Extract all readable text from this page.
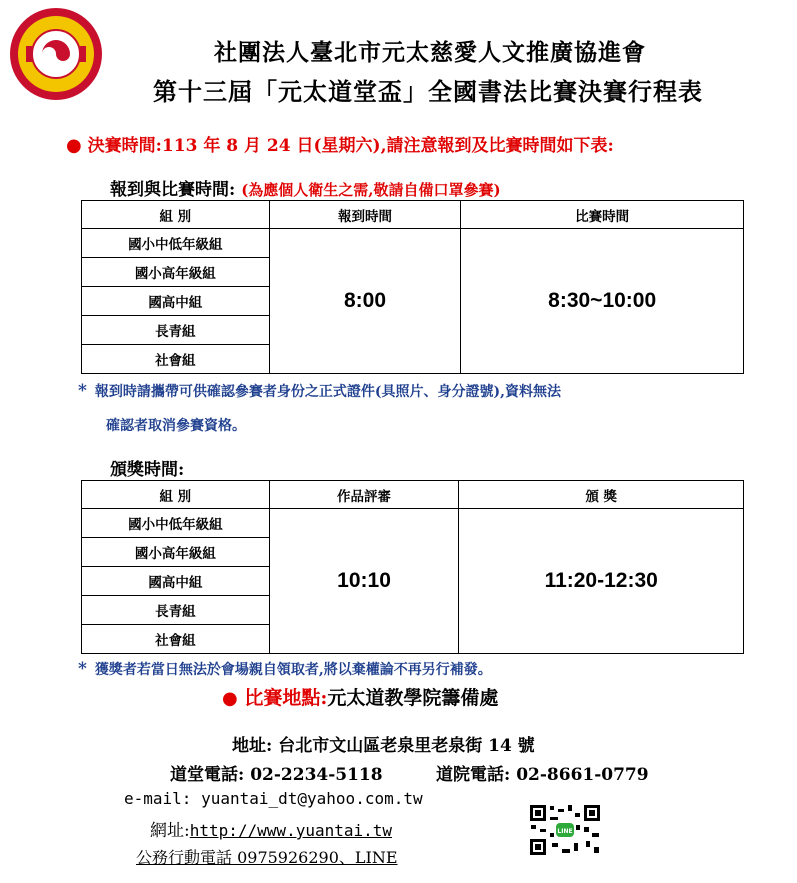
社團法人臺北市元太慈愛人文推廣協進會
第十三屆「元太道堂盃」全國書法比賽決賽行程表
● 決賽時間:113 年 8 月 24 日(星期六),請注意報到及比賽時間如下表:
報到與比賽時間: (為應個人衛生之需,敬請自備口罩參賽)
組 別	報到時間	比賽時間
國小中低年級組	8:00	8:30~10:00
國小高年級組		
國高中組		
長青組		
社會組		
* 報到時請攜帶可供確認參賽者身份之正式證件(具照片、身分證號),資料無法
確認者取消參賽資格。
頒獎時間:
組 別	作品評審	頒 獎
國小中低年級組	10:10	11:20-12:30
國小高年級組		
國高中組		
長青組		
社會組		
* 獲獎者若當日無法於會場親自領取者,將以棄權論不再另行補發。
● 比賽地點:元太道教學院籌備處
地址: 台北市文山區老泉里老泉街 14 號
道堂電話: 02-2234-5118	道院電話: 02-8661-0779
e-mail: yuantai_dt@yahoo.com.tw
網址:http://www.yuantai.tw
公務行動電話 0975926290、LINE
LINE
